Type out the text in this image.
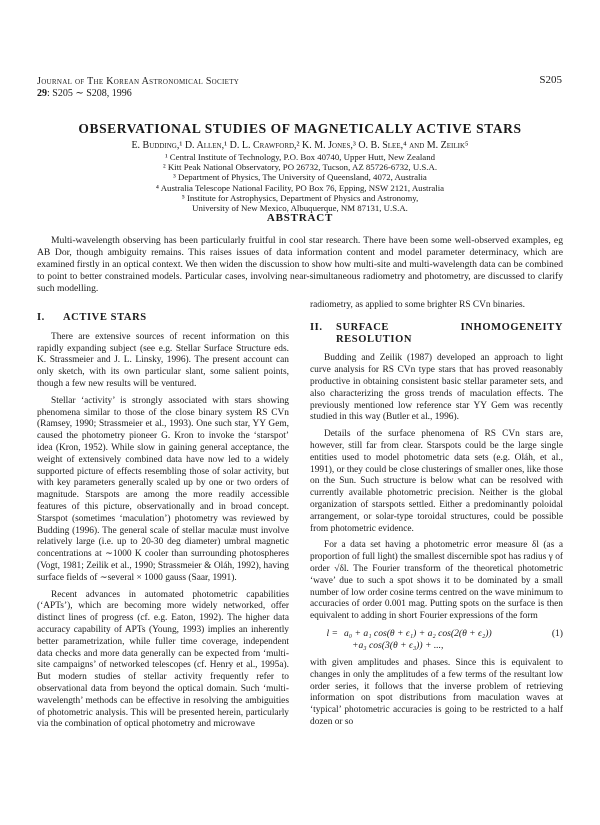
Journal of The Korean Astronomical Society
29: S205 ∼ S208, 1996
S205
OBSERVATIONAL STUDIES OF MAGNETICALLY ACTIVE STARS
E. Budding,¹ D. Allen,¹ D. L. Crawford,² K. M. Jones,³ O. B. Slee,⁴ and M. Zeilik⁵
¹ Central Institute of Technology, P.O. Box 40740, Upper Hutt, New Zealand
² Kitt Peak National Observatory, PO 26732, Tucson, AZ 85726-6732, U.S.A.
³ Department of Physics, The University of Queensland, 4072, Australia
⁴ Australia Telescope National Facility, PO Box 76, Epping, NSW 2121, Australia
⁵ Institute for Astrophysics, Department of Physics and Astronomy,
University of New Mexico, Albuquerque, NM 87131, U.S.A.
ABSTRACT
Multi-wavelength observing has been particularly fruitful in cool star research. There have been some well-observed examples, eg AB Dor, though ambiguity remains. This raises issues of data information content and model parameter determinacy, which are examined firstly in an optical context. We then widen the discussion to show how multi-site and multi-wavelength data can be combined to point to better constrained models. Particular cases, involving near-simultaneous radiometry and photometry, are discussed to clarify such modelling.
I.	ACTIVE STARS

There are extensive sources of recent information on this rapidly expanding subject (see e.g. Stellar Surface Structure eds. K. Strassmeier and J. L. Linsky, 1996). The present account can only sketch, with its own particular slant, some salient points, though a few new results will be ventured.

Stellar ‘activity’ is strongly associated with stars showing phenomena similar to those of the close binary system RS CVn (Ramsey, 1990; Strassmeier et al., 1993). One such star, YY Gem, caused the photometry pioneer G. Kron to invoke the ‘starspot’ idea (Kron, 1952). While slow in gaining general acceptance, the weight of extensively combined data have now led to a widely supported picture of effects resembling those of solar activity, but with key parameters generally scaled up by one or two orders of magnitude. Starspots are among the more readily accessible features of this picture, observationally and in broad concept. Starspot (sometimes ‘maculation’) photometry was reviewed by Budding (1996). The general scale of stellar maculæ must involve relatively large (i.e. up to 20-30 deg diameter) umbral magnetic concentrations at ∼1000 K cooler than surrounding photospheres (Vogt, 1981; Zeilik et al., 1990; Strassmeier & Oláh, 1992), having surface fields of ∼several × 1000 gauss (Saar, 1991).

Recent advances in automated photometric capabilities (‘APTs’), which are becoming more widely networked, offer distinct lines of progress (cf. e.g. Eaton, 1992). The higher data accuracy capability of APTs (Young, 1993) implies an inherently better parametrization, while fuller time coverage, independent data checks and more data generally can be expected from ‘multi-site campaigns’ of networked telescopes (cf. Henry et al., 1995a). But modern studies of stellar activity frequently refer to observational data from beyond the optical domain. Such ‘multi-wavelength’ methods can be effective in resolving the ambiguities of photometric analysis. This will be presented herein, particularly via the combination of optical photometry and microwave

radiometry, as applied to some brighter RS CVn binaries.

II.	SURFACE INHOMOGENEITY RESOLUTION

Budding and Zeilik (1987) developed an approach to light curve analysis for RS CVn type stars that has proved reasonably productive in obtaining consistent basic stellar parameter sets, and also characterizing the gross trends of maculation effects. The previously mentioned low reference star YY Gem was recently studied in this way (Butler et al., 1996).

Details of the surface phenomena of RS CVn stars are, however, still far from clear. Starspots could be the large single entities used to model photometric data sets (e.g. Oláh, et al., 1991), or they could be close clusterings of smaller ones, like those on the Sun. Such structure is below what can be resolved with currently available photometric precision. Neither is the global organization of starspots settled. Either a predominantly poloidal arrangement, or solar-type toroidal structures, could be possible from photometric evidence.

For a data set having a photometric error measure δl (as a proportion of full light) the smallest discernible spot has radius γ of order √δl. The Fourier transform of the theoretical photometric ‘wave’ due to such a spot shows it to be dominated by a small number of low order cosine terms centred on the wave minimum to accuracies of order 0.001 mag. Putting spots on the surface is then equivalent to adding in short Fourier expressions of the form

l = a₀ + a₁ cos(θ + ϵ₁) + a₂ cos(2(θ + ϵ₂))
+a₃ cos(3(θ + ϵ₃)) + ...,
(1)

with given amplitudes and phases. Since this is equivalent to changes in only the amplitudes of a few terms of the resultant low order series, it follows that the inverse problem of retrieving information on spot distributions from maculation waves at ‘typical’ photometric accuracies is going to be restricted to a half dozen or so
